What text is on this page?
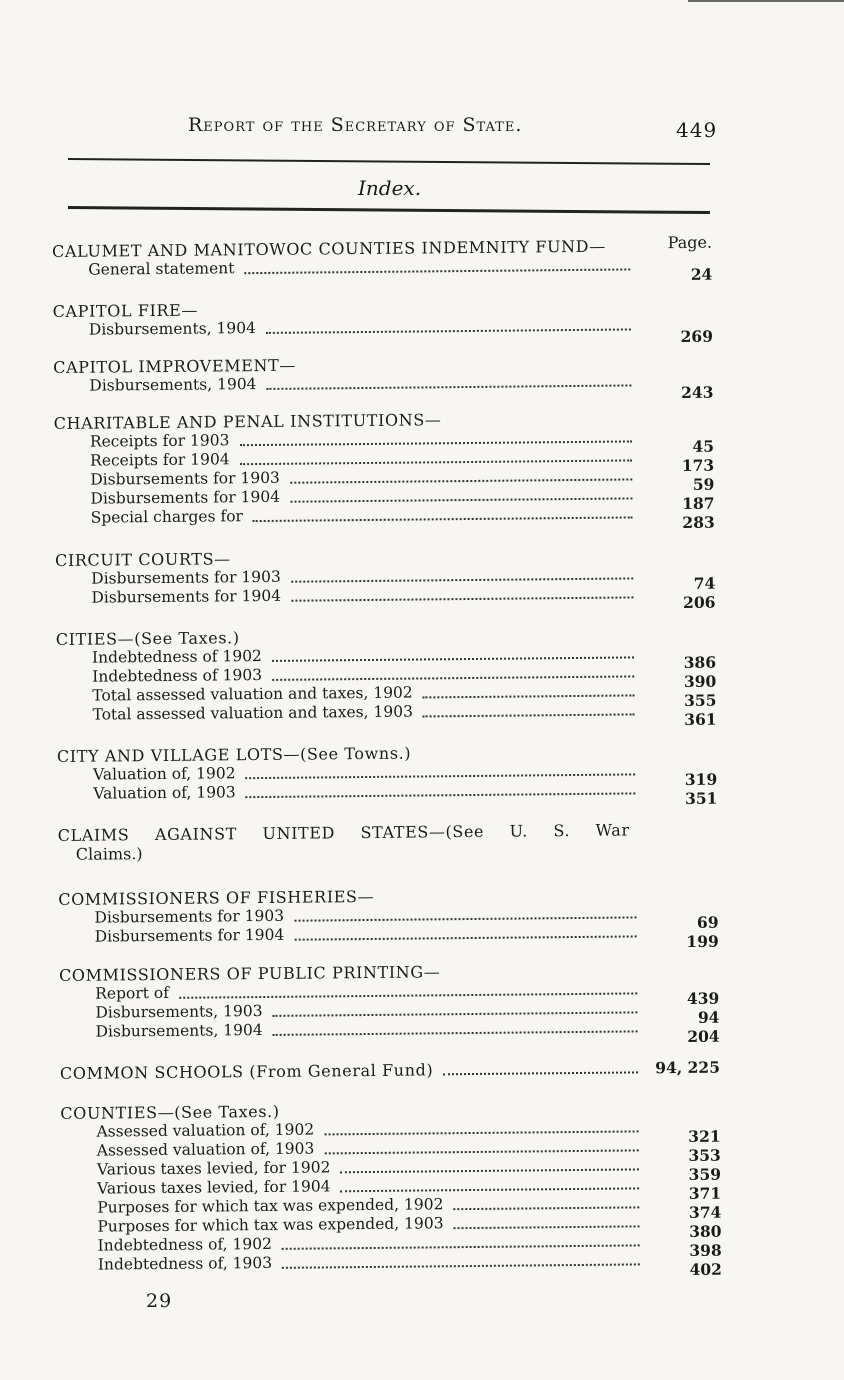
Report of the Secretary of State.	449
Index.
Page.
CALUMET AND MANITOWOC COUNTIES INDEMNITY FUND—
General statement	24
CAPITOL FIRE—
Disbursements, 1904	269
CAPITOL IMPROVEMENT—
Disbursements, 1904	243
CHARITABLE AND PENAL INSTITUTIONS—
Receipts for 1903	45
Receipts for 1904	173
Disbursements for 1903	59
Disbursements for 1904	187
Special charges for	283
CIRCUIT COURTS—
Disbursements for 1903	74
Disbursements for 1904	206
CITIES—(See Taxes.)
Indebtedness of 1902	386
Indebtedness of 1903	390
Total assessed valuation and taxes, 1902	355
Total assessed valuation and taxes, 1903	361
CITY AND VILLAGE LOTS—(See Towns.)
Valuation of, 1902	319
Valuation of, 1903	351
CLAIMS AGAINST UNITED STATES—(See U. S. War
Claims.)
COMMISSIONERS OF FISHERIES—
Disbursements for 1903	69
Disbursements for 1904	199
COMMISSIONERS OF PUBLIC PRINTING—
Report of	439
Disbursements, 1903	94
Disbursements, 1904	204
COMMON SCHOOLS (From General Fund)	94, 225
COUNTIES—(See Taxes.)
Assessed valuation of, 1902	321
Assessed valuation of, 1903	353
Various taxes levied, for 1902	359
Various taxes levied, for 1904	371
Purposes for which tax was expended, 1902	374
Purposes for which tax was expended, 1903	380
Indebtedness of, 1902	398
Indebtedness of, 1903	402
29
